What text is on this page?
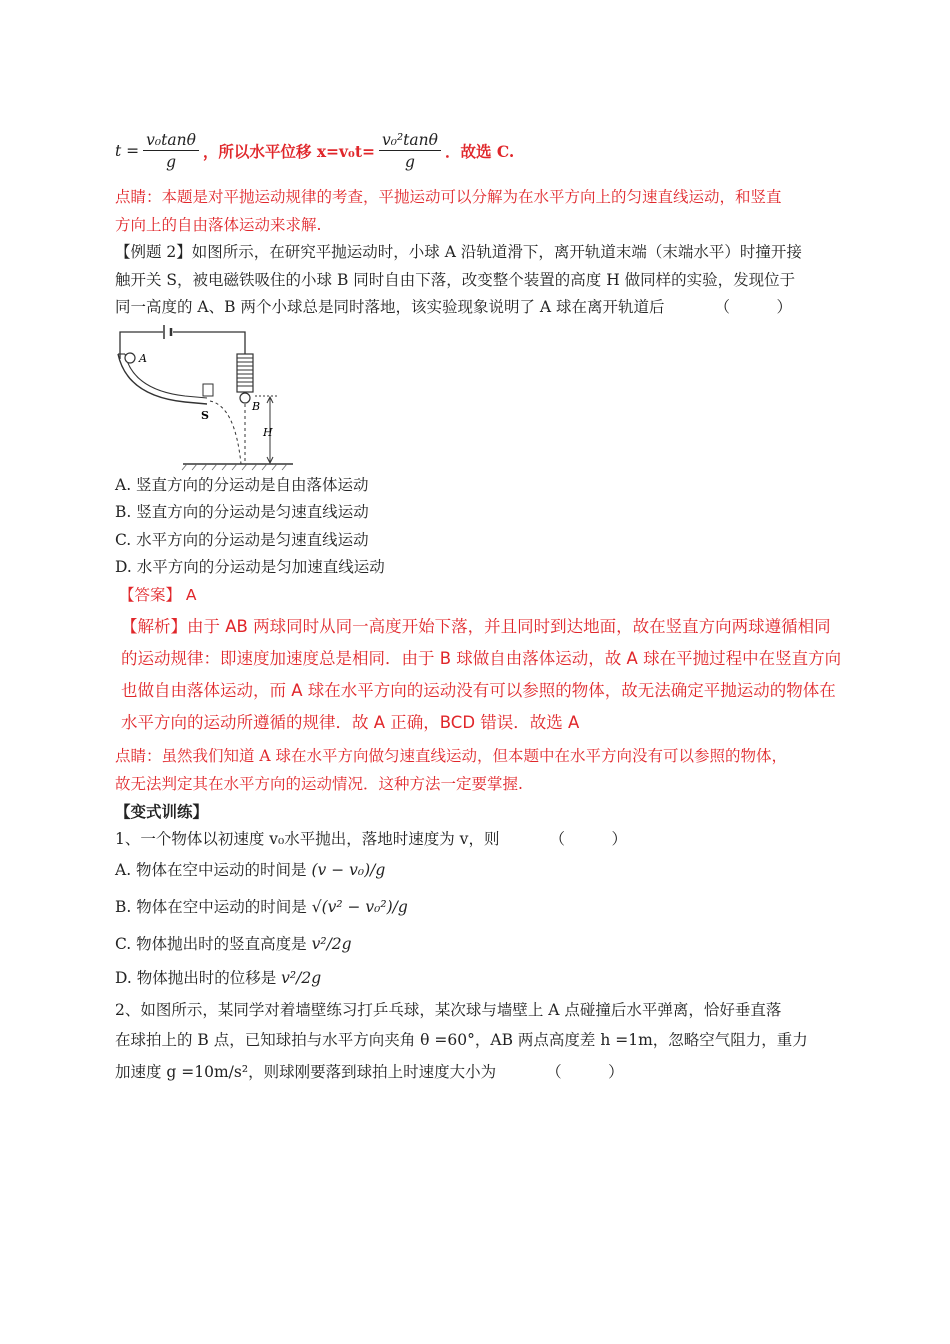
$t = \frac{\text{v₀tanθ}}{g}$ ，所以水平位移 $x=v_0t= \frac{\text{v₀²tanθ}}{g}$ ．故选 C.
点睛：本题是对平抛运动规律的考查，平抛运动可以分解为在水平方向上的匀速直线运动，和竖直
方向上的自由落体运动来求解.
【例题 2】如图所示，在研究平抛运动时，小球 A 沿轨道滑下，离开轨道末端（末端水平）时撞开接
触开关 S，被电磁铁吸住的小球 B 同时自由下落，改变整个装置的高度 H 做同样的实验，发现位于
同一高度的 A、B 两个小球总是同时落地，该实验现象说明了 A 球在离开轨道后	（　　　）
A
S
B
H
A. 竖直方向的分运动是自由落体运动
B. 竖直方向的分运动是匀速直线运动
C. 水平方向的分运动是匀速直线运动
D. 水平方向的分运动是匀加速直线运动
【答案】 A
【解析】由于 AB 两球同时从同一高度开始下落，并且同时到达地面，故在竖直方向两球遵循相同
的运动规律：即速度加速度总是相同．由于 B 球做自由落体运动，故 A 球在平抛过程中在竖直方向
也做自由落体运动，而 A 球在水平方向的运动没有可以参照的物体，故无法确定平抛运动的物体在
水平方向的运动所遵循的规律．故 A 正确，BCD 错误．故选 A
点睛：虽然我们知道 A 球在水平方向做匀速直线运动，但本题中在水平方向没有可以参照的物体，
故无法判定其在水平方向的运动情况．这种方法一定要掌握.
【变式训练】
1、一个物体以初速度 v₀水平抛出，落地时速度为 v，则	（　　　）
A. 物体在空中运动的时间是 (v − v₀)/g
B. 物体在空中运动的时间是 √(v² − v₀²)/g
C. 物体抛出时的竖直高度是 v²/2g
D. 物体抛出时的位移是 v²/2g
2、如图所示，某同学对着墙壁练习打乒乓球，某次球与墙壁上 A 点碰撞后水平弹离，恰好垂直落
在球拍上的 B 点，已知球拍与水平方向夹角 θ =60°，AB 两点高度差 h =1m，忽略空气阻力，重力
加速度 g =10m/s²，则球刚要落到球拍上时速度大小为	（　　　）
